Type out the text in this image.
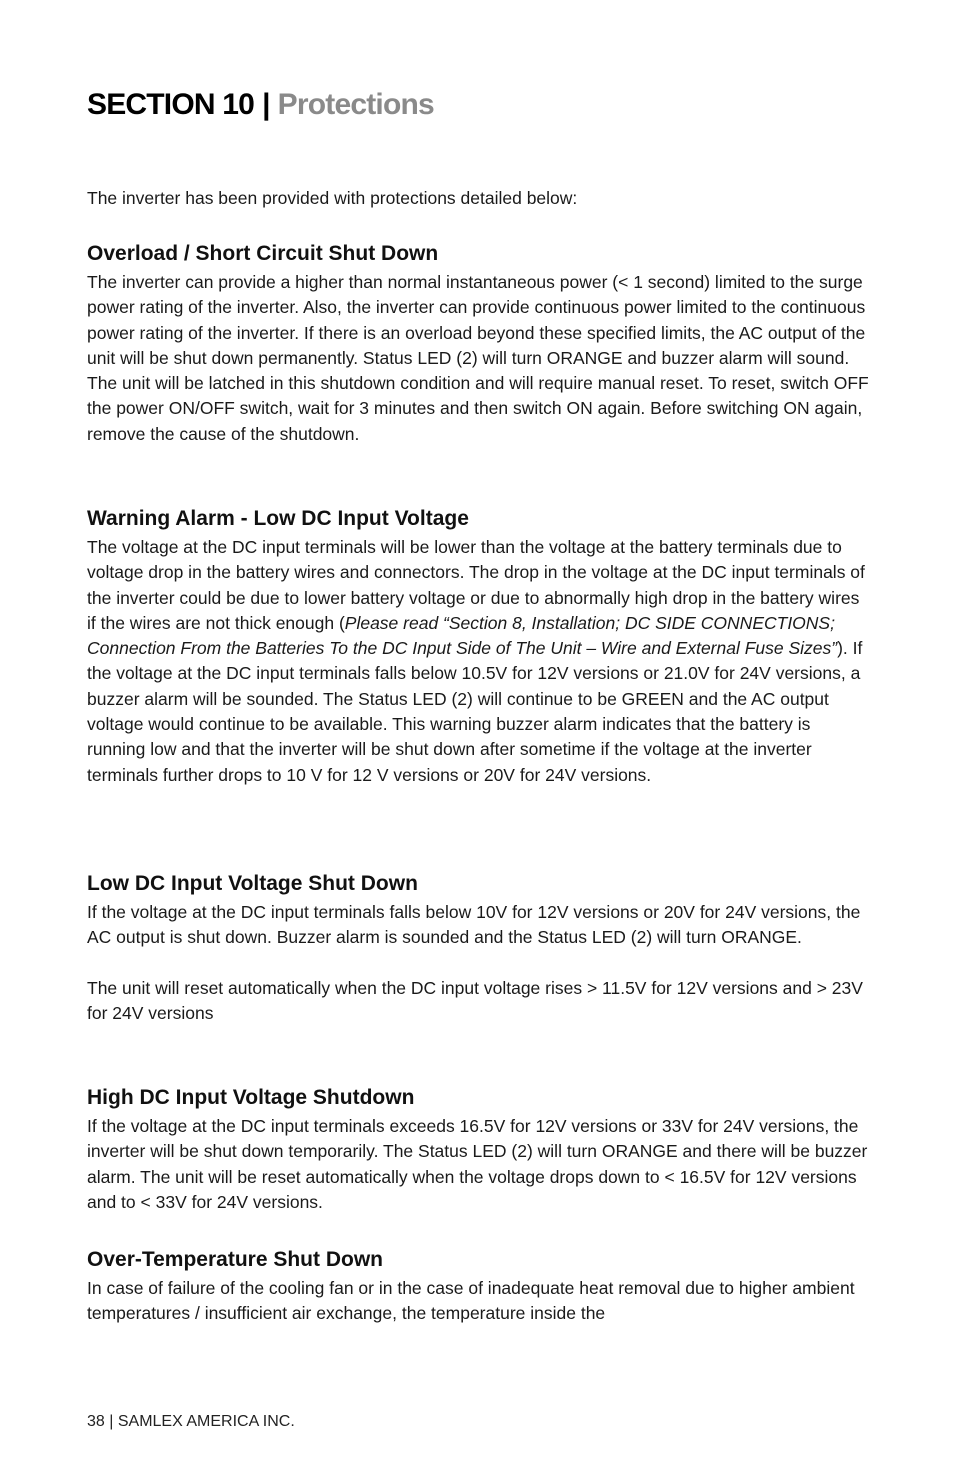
SECTION 10 | Protections

The inverter has been provided with protections detailed below:

Overload / Short Circuit Shut Down

The inverter can provide a higher than normal instantaneous power (< 1 second) limited to the surge power rating of the inverter. Also, the inverter can provide continuous power limited to the continuous power rating of the inverter. If there is an overload beyond these specified limits, the AC output of the unit will be shut down permanently. Status LED (2) will turn ORANGE and buzzer alarm will sound. The unit will be latched in this shutdown condition and will require manual reset. To reset, switch OFF the power ON/OFF switch, wait for 3 minutes and then switch ON again. Before switching ON again, remove the cause of the shutdown.

Warning Alarm - Low DC Input Voltage

The voltage at the DC input terminals will be lower than the voltage at the battery terminals due to voltage drop in the battery wires and connectors. The drop in the voltage at the DC input terminals of the inverter could be due to lower battery voltage or due to abnormally high drop in the battery wires if the wires are not thick enough (Please read “Section 8, Installation; DC SIDE CONNECTIONS; Connection From the Batteries To the DC Input Side of The Unit – Wire and External Fuse Sizes”). If the voltage at the DC input terminals falls below 10.5V for 12V versions or 21.0V for 24V versions, a buzzer alarm will be sounded. The Status LED (2) will continue to be GREEN and the AC output voltage would continue to be available. This warning buzzer alarm indicates that the battery is running low and that the inverter will be shut down after sometime if the voltage at the inverter terminals further drops to 10 V for 12 V versions or 20V for 24V versions.

Low DC Input Voltage Shut Down

If the voltage at the DC input terminals falls below 10V for 12V versions or 20V for 24V versions, the AC output is shut down. Buzzer alarm is sounded and the Status LED (2) will turn ORANGE.

The unit will reset automatically when the DC input voltage rises > 11.5V for 12V versions and > 23V for 24V versions

High DC Input Voltage Shutdown

If the voltage at the DC input terminals exceeds 16.5V for 12V versions or 33V for 24V versions, the inverter will be shut down temporarily. The Status LED (2) will turn ORANGE and there will be buzzer alarm. The unit will be reset automatically when the voltage drops down to < 16.5V for 12V versions and to < 33V for 24V versions.

Over-Temperature Shut Down

In case of failure of the cooling fan or in the case of inadequate heat removal due to higher ambient temperatures / insufficient air exchange, the temperature inside the

38 | SAMLEX AMERICA INC.
